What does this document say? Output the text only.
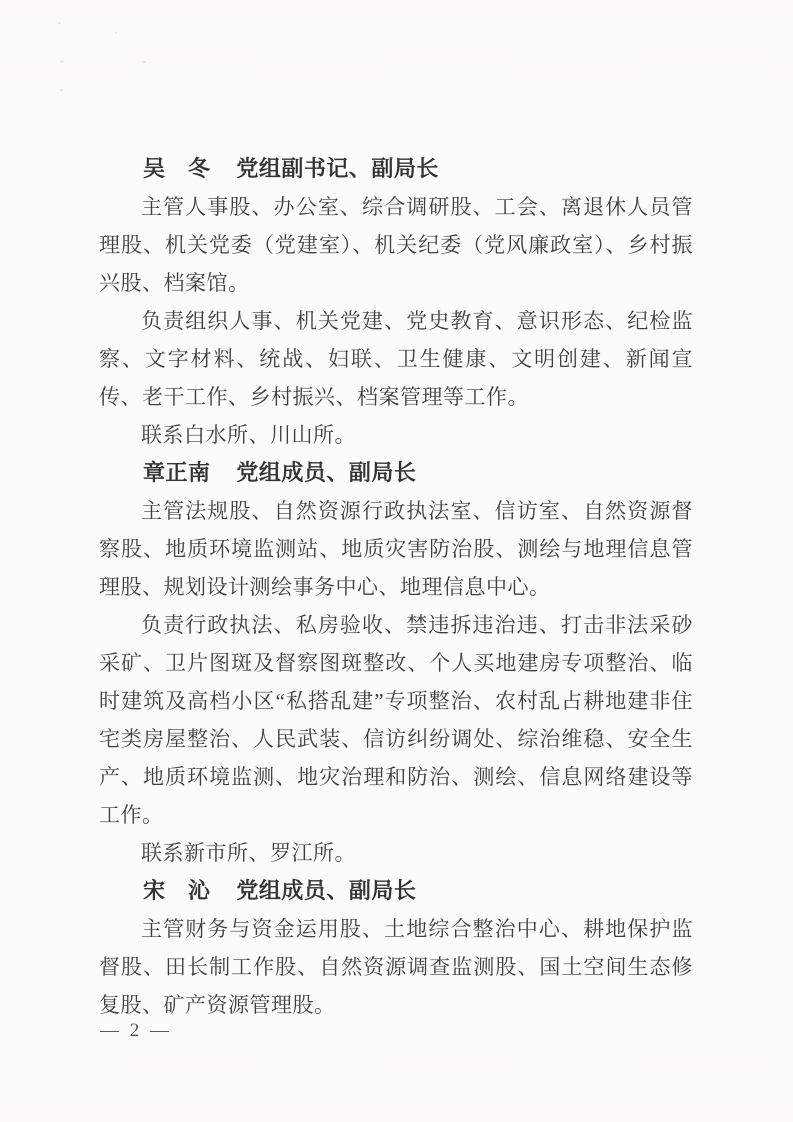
吴　冬 党组副书记、副局长

主管人事股、办公室、综合调研股、工会、离退休人员管理股、机关党委（党建室）、机关纪委（党风廉政室）、乡村振兴股、档案馆。

负责组织人事、机关党建、党史教育、意识形态、纪检监察、文字材料、统战、妇联、卫生健康、文明创建、新闻宣传、老干工作、乡村振兴、档案管理等工作。

联系白水所、川山所。

章正南 党组成员、副局长

主管法规股、自然资源行政执法室、信访室、自然资源督察股、地质环境监测站、地质灾害防治股、测绘与地理信息管理股、规划设计测绘事务中心、地理信息中心。

负责行政执法、私房验收、禁违拆违治违、打击非法采砂采矿、卫片图斑及督察图斑整改、个人买地建房专项整治、临时建筑及高档小区“私搭乱建”专项整治、农村乱占耕地建非住宅类房屋整治、人民武装、信访纠纷调处、综治维稳、安全生产、地质环境监测、地灾治理和防治、测绘、信息网络建设等工作。

联系新市所、罗江所。

宋　沁 党组成员、副局长

主管财务与资金运用股、土地综合整治中心、耕地保护监督股、田长制工作股、自然资源调查监测股、国土空间生态修复股、矿产资源管理股。

— 2 —
